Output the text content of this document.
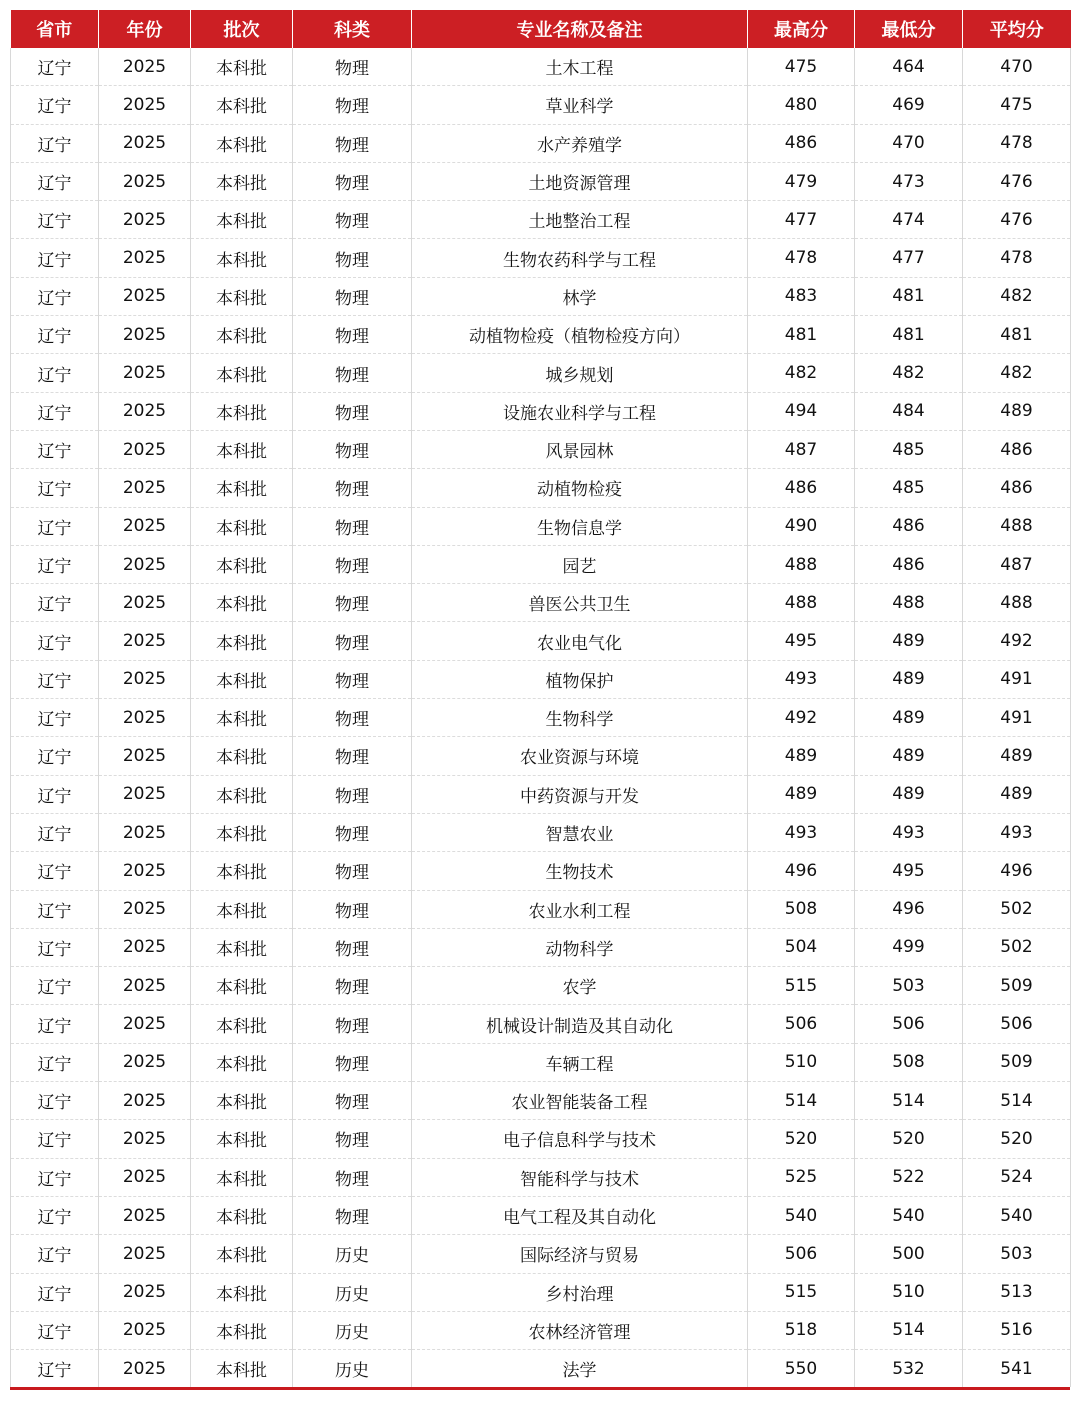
省市	年份	批次	科类	专业名称及备注	最高分	最低分	平均分
辽宁	2025	本科批	物理	土木工程	475	464	470
辽宁	2025	本科批	物理	草业科学	480	469	475
辽宁	2025	本科批	物理	水产养殖学	486	470	478
辽宁	2025	本科批	物理	土地资源管理	479	473	476
辽宁	2025	本科批	物理	土地整治工程	477	474	476
辽宁	2025	本科批	物理	生物农药科学与工程	478	477	478
辽宁	2025	本科批	物理	林学	483	481	482
辽宁	2025	本科批	物理	动植物检疫（植物检疫方向）	481	481	481
辽宁	2025	本科批	物理	城乡规划	482	482	482
辽宁	2025	本科批	物理	设施农业科学与工程	494	484	489
辽宁	2025	本科批	物理	风景园林	487	485	486
辽宁	2025	本科批	物理	动植物检疫	486	485	486
辽宁	2025	本科批	物理	生物信息学	490	486	488
辽宁	2025	本科批	物理	园艺	488	486	487
辽宁	2025	本科批	物理	兽医公共卫生	488	488	488
辽宁	2025	本科批	物理	农业电气化	495	489	492
辽宁	2025	本科批	物理	植物保护	493	489	491
辽宁	2025	本科批	物理	生物科学	492	489	491
辽宁	2025	本科批	物理	农业资源与环境	489	489	489
辽宁	2025	本科批	物理	中药资源与开发	489	489	489
辽宁	2025	本科批	物理	智慧农业	493	493	493
辽宁	2025	本科批	物理	生物技术	496	495	496
辽宁	2025	本科批	物理	农业水利工程	508	496	502
辽宁	2025	本科批	物理	动物科学	504	499	502
辽宁	2025	本科批	物理	农学	515	503	509
辽宁	2025	本科批	物理	机械设计制造及其自动化	506	506	506
辽宁	2025	本科批	物理	车辆工程	510	508	509
辽宁	2025	本科批	物理	农业智能装备工程	514	514	514
辽宁	2025	本科批	物理	电子信息科学与技术	520	520	520
辽宁	2025	本科批	物理	智能科学与技术	525	522	524
辽宁	2025	本科批	物理	电气工程及其自动化	540	540	540
辽宁	2025	本科批	历史	国际经济与贸易	506	500	503
辽宁	2025	本科批	历史	乡村治理	515	510	513
辽宁	2025	本科批	历史	农林经济管理	518	514	516
辽宁	2025	本科批	历史	法学	550	532	541
